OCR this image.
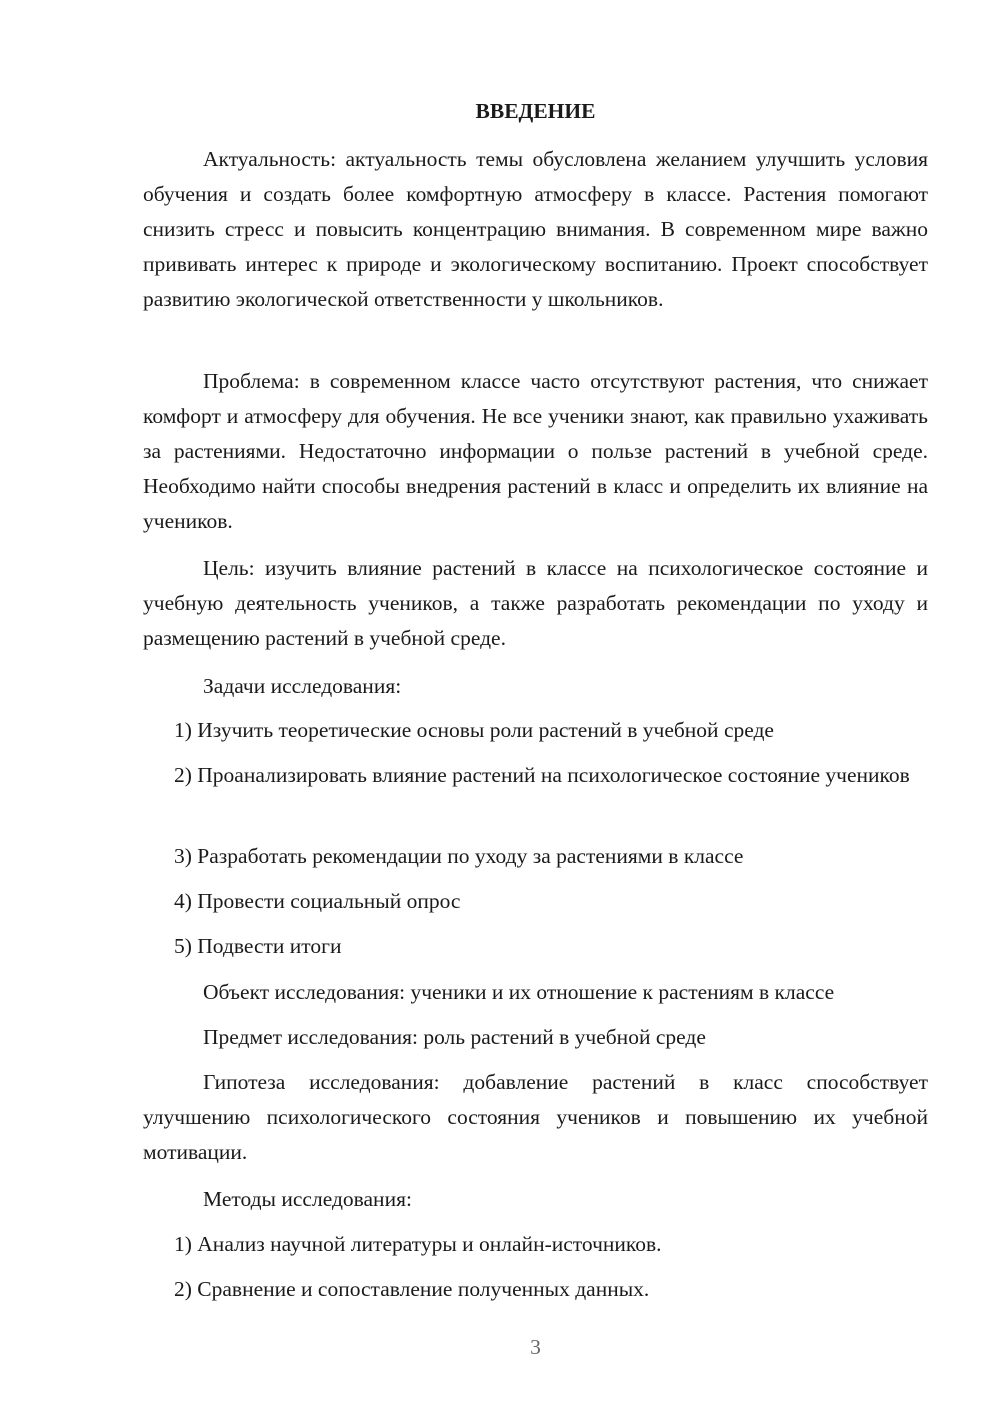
ВВЕДЕНИЕ
Актуальность: актуальность темы обусловлена желанием улучшить условия обучения и создать более комфортную атмосферу в классе. Растения помогают снизить стресс и повысить концентрацию внимания. В современном мире важно прививать интерес к природе и экологическому воспитанию. Проект способствует развитию экологической ответственности у школьников.
Проблема: в современном классе часто отсутствуют растения, что снижает комфорт и атмосферу для обучения. Не все ученики знают, как правильно ухаживать за растениями. Недостаточно информации о пользе растений в учебной среде. Необходимо найти способы внедрения растений в класс и определить их влияние на учеников.
Цель: изучить влияние растений в классе на психологическое состояние и учебную деятельность учеников, а также разработать рекомендации по уходу и размещению растений в учебной среде.
Задачи исследования:
1) Изучить теоретические основы роли растений в учебной среде
2) Проанализировать влияние растений на психологическое состояние учеников
3) Разработать рекомендации по уходу за растениями в классе
4) Провести социальный опрос
5) Подвести итоги
Объект исследования: ученики и их отношение к растениям в классе
Предмет исследования: роль растений в учебной среде
Гипотеза исследования: добавление растений в класс способствует улучшению психологического состояния учеников и повышению их учебной мотивации.
Методы исследования:
1) Анализ научной литературы и онлайн-источников.
2) Сравнение и сопоставление полученных данных.
3
